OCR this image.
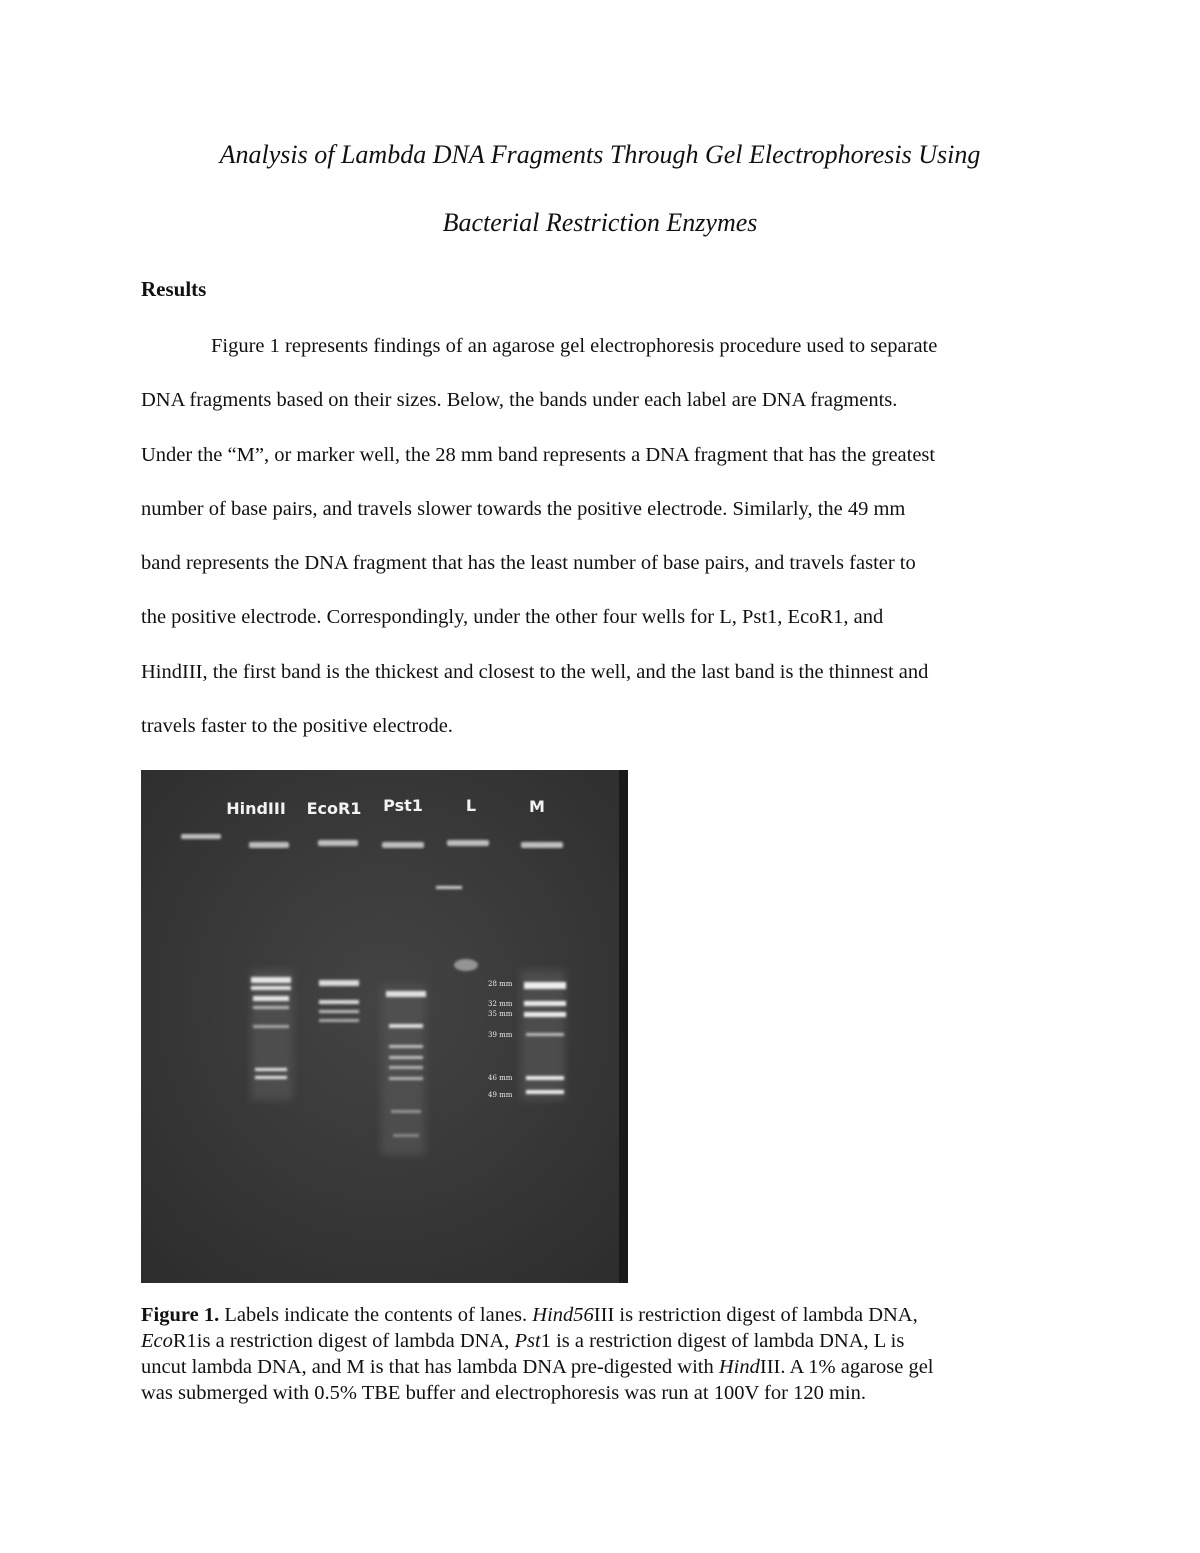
Analysis of Lambda DNA Fragments Through Gel Electrophoresis Using
Bacterial Restriction Enzymes
Results

Figure 1 represents findings of an agarose gel electrophoresis procedure used to separate
DNA fragments based on their sizes. Below, the bands under each label are DNA fragments.
Under the “M”, or marker well, the 28 mm band represents a DNA fragment that has the greatest
number of base pairs, and travels slower towards the positive electrode. Similarly, the 49 mm
band represents the DNA fragment that has the least number of base pairs, and travels faster to
the positive electrode. Correspondingly, under the other four wells for L, Pst1, EcoR1, and
HindIII, the first band is the thickest and closest to the well, and the last band is the thinnest and
travels faster to the positive electrode.

HindIII EcoR1 Pst1	L	M
28 mm
32 mm
35 mm
39 mm
46 mm
49 mm

Figure 1. Labels indicate the contents of lanes. Hind56III is restriction digest of lambda DNA,
EcoR1is a restriction digest of lambda DNA, Pst1 is a restriction digest of lambda DNA, L is
uncut lambda DNA, and M is that has lambda DNA pre-digested with HindIII. A 1% agarose gel
was submerged with 0.5% TBE buffer and electrophoresis was run at 100V for 120 min.
